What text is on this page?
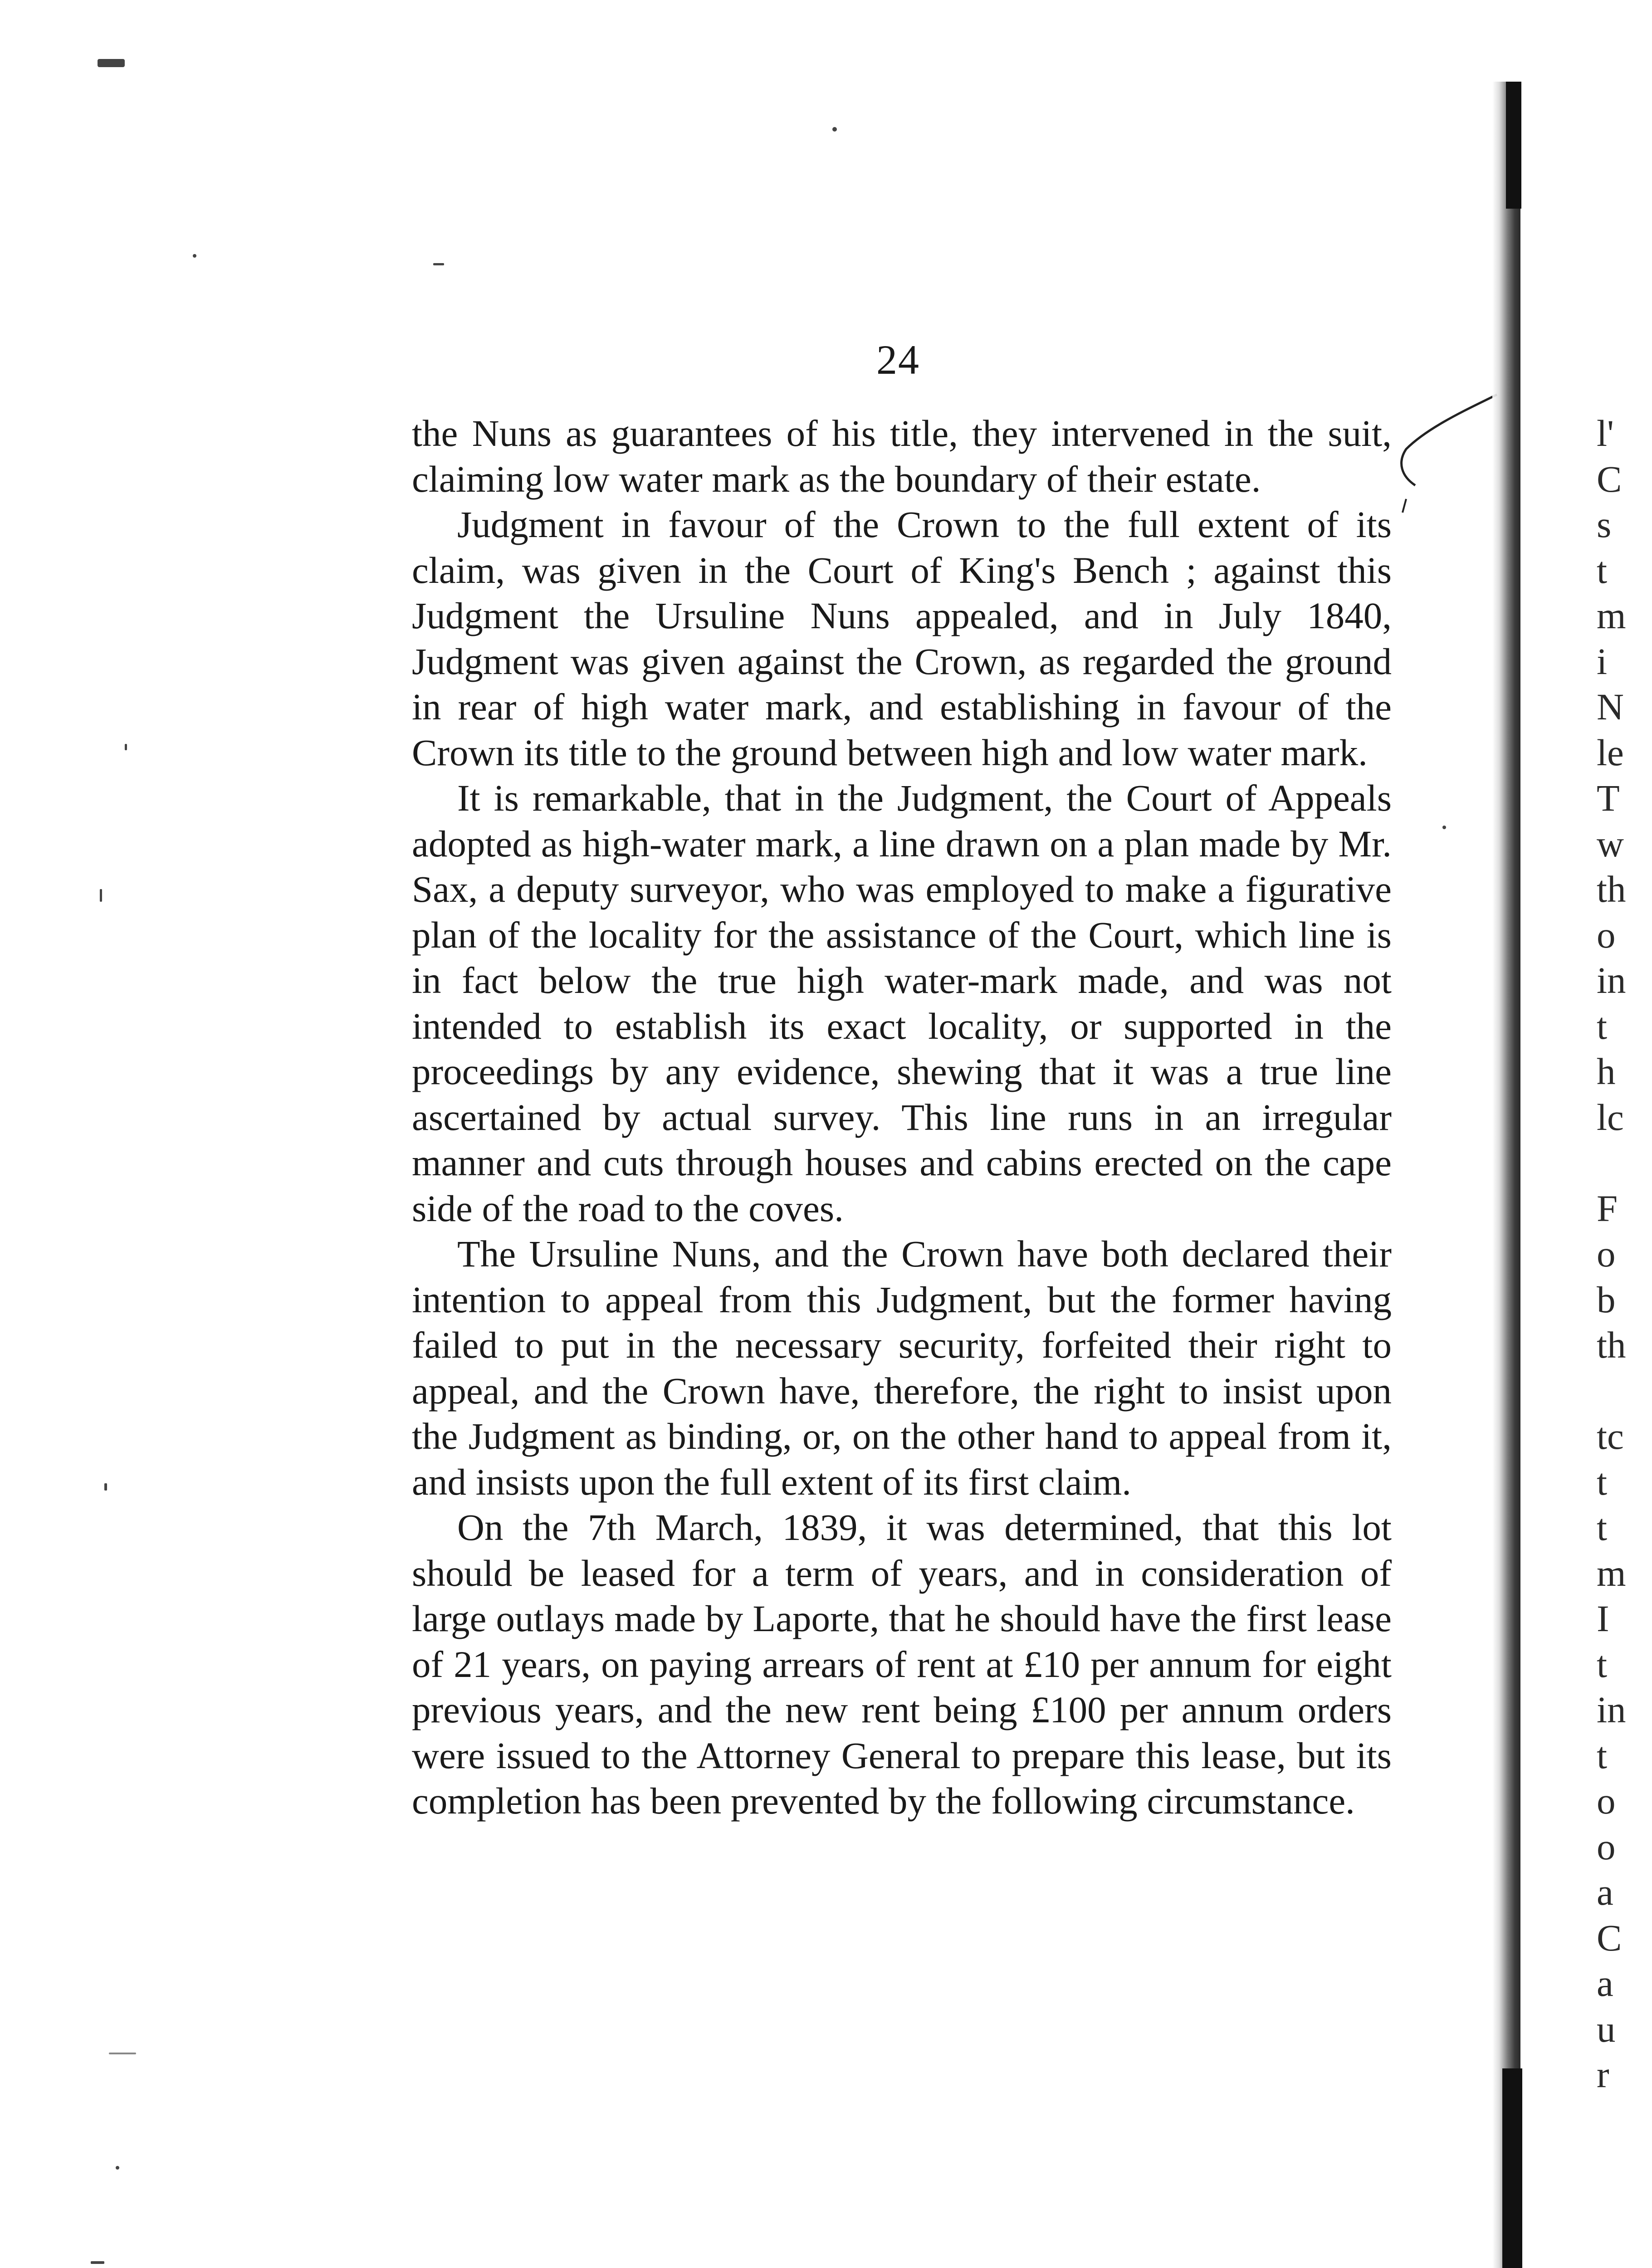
24

the Nuns as guarantees of his title, they intervened in the suit, claiming low water mark as the boundary of their estate.

Judgment in favour of the Crown to the full extent of its claim, was given in the Court of King's Bench ; against this Judgment the Ursuline Nuns appealed, and in July 1840, Judgment was given against the Crown, as regarded the ground in rear of high water mark, and establishing in favour of the Crown its title to the ground between high and low water mark.

It is remarkable, that in the Judgment, the Court of Appeals adopted as high-water mark, a line drawn on a plan made by Mr. Sax, a deputy surveyor, who was employed to make a figurative plan of the locality for the assistance of the Court, which line is in fact below the true high water-mark made, and was not intended to establish its exact locality, or supported in the proceedings by any evidence, shewing that it was a true line ascertained by actual survey. This line runs in an irregular manner and cuts through houses and cabins erected on the cape side of the road to the coves.

The Ursuline Nuns, and the Crown have both declared their intention to appeal from this Judgment, but the former having failed to put in the necessary security, forfeited their right to appeal, and the Crown have, therefore, the right to insist upon the Judgment as binding, or, on the other hand to appeal from it, and insists upon the full extent of its first claim.

On the 7th March, 1839, it was determined, that this lot should be leased for a term of years, and in consideration of large outlays made by Laporte, that he should have the first lease of 21 years, on paying arrears of rent at £10 per annum for eight previous years, and the new rent being £100 per annum orders were issued to the Attorney General to prepare this lease, but its completion has been prevented by the following circumstance.

l'
C
s
t
m
i
N
le
T
w
th
o
in
t
h
lc
F
o
b
th
tc
t
t
m
I
t
in
t
o
o
a
C
a
u
r
